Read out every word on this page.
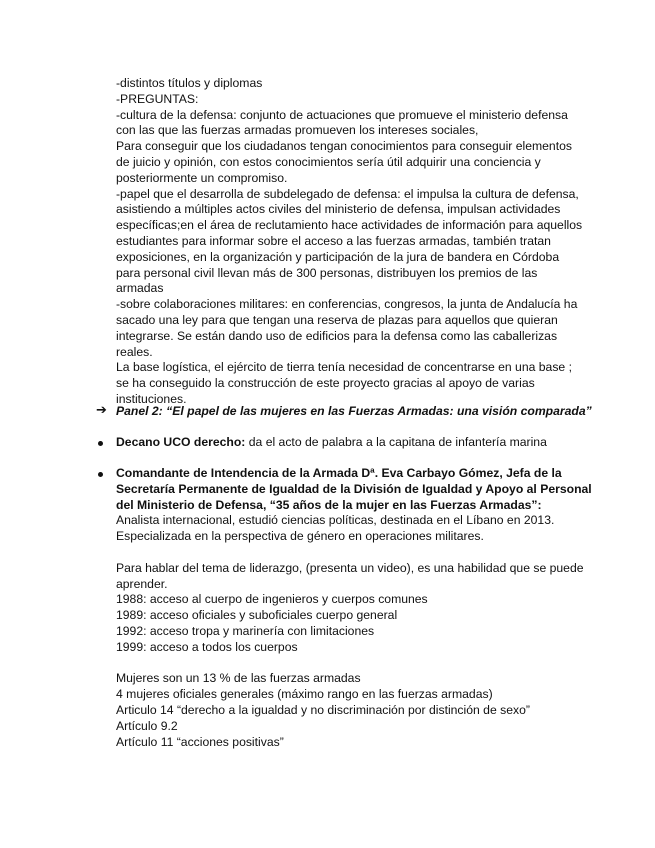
-distintos títulos y diplomas

-PREGUNTAS:

-cultura de la defensa: conjunto de actuaciones que promueve el ministerio defensa con las que las fuerzas armadas promueven los intereses sociales,

Para conseguir que los ciudadanos tengan conocimientos para conseguir elementos de juicio y opinión, con estos conocimientos sería útil adquirir una conciencia y posteriormente un compromiso.

-papel que el desarrolla de subdelegado de defensa: el impulsa la cultura de defensa, asistiendo a múltiples actos civiles del ministerio de defensa, impulsan actividades específicas;en el área de reclutamiento hace actividades de información para aquellos estudiantes para informar sobre el acceso a las fuerzas armadas, también tratan exposiciones, en la organización y participación de la jura de bandera en Córdoba para personal civil llevan más de 300 personas, distribuyen los premios de las armadas

-sobre colaboraciones militares: en conferencias, congresos, la junta de Andalucía ha sacado una ley para que tengan una reserva de plazas para aquellos que quieran integrarse. Se están dando uso de edificios para la defensa como las caballerizas reales.

La base logística, el ejército de tierra tenía necesidad de concentrarse en una base ; se ha conseguido la construcción de este proyecto gracias al apoyo de varias instituciones.

➔ Panel 2: “El papel de las mujeres en las Fuerzas Armadas: una visión comparada”
Decano UCO derecho: da el acto de palabra a la capitana de infantería marina

Comandante de Intendencia de la Armada Dª. Eva Carbayo Gómez, Jefa de la Secretaría Permanente de Igualdad de la División de Igualdad y Apoyo al Personal del Ministerio de Defensa, “35 años de la mujer en las Fuerzas Armadas”:

Analista internacional, estudió ciencias políticas, destinada en el Líbano en 2013.

Especializada en la perspectiva de género en operaciones militares.

Para hablar del tema de liderazgo, (presenta un video), es una habilidad que se puede aprender.

1988: acceso al cuerpo de ingenieros y cuerpos comunes

1989: acceso oficiales y suboficiales cuerpo general

1992: acceso tropa y marinería con limitaciones

1999: acceso a todos los cuerpos

Mujeres son un 13 % de las fuerzas armadas

4 mujeres oficiales generales (máximo rango en las fuerzas armadas)

Articulo 14 “derecho a la igualdad y no discriminación por distinción de sexo”

Artículo 9.2

Artículo 11 “acciones positivas”
